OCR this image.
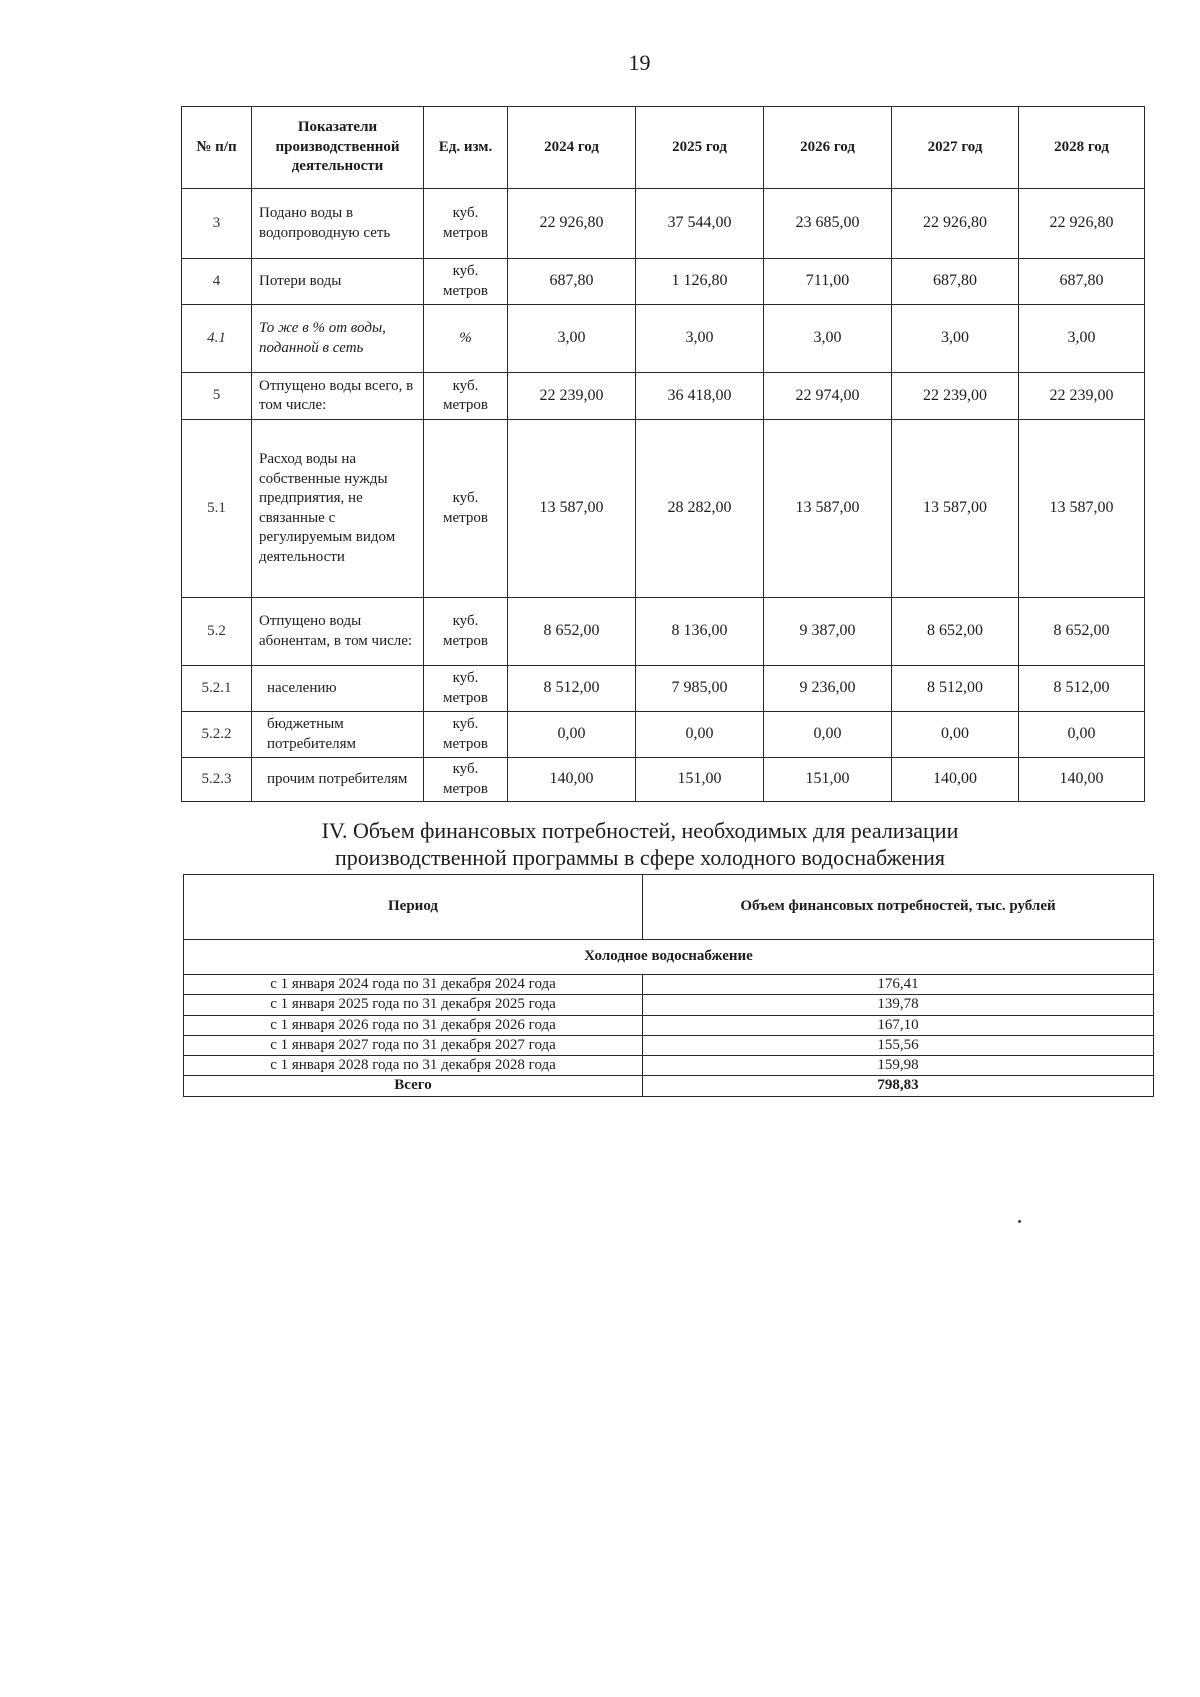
19
№ п/п	Показатели производственной деятельности	Ед. изм.	2024 год	2025 год	2026 год	2027 год	2028 год
3	Подано воды в водопроводную сеть	куб. метров	22 926,80	37 544,00	23 685,00	22 926,80	22 926,80
4	Потери воды	куб. метров	687,80	1 126,80	711,00	687,80	687,80
4.1	То же в % от воды, поданной в сеть	%	3,00	3,00	3,00	3,00	3,00
5	Отпущено воды всего, в том числе:	куб. метров	22 239,00	36 418,00	22 974,00	22 239,00	22 239,00
5.1	Расход воды на собственные нужды предприятия, не связанные с регулируемым видом деятельности	куб. метров	13 587,00	28 282,00	13 587,00	13 587,00	13 587,00
5.2	Отпущено воды абонентам, в том числе:	куб. метров	8 652,00	8 136,00	9 387,00	8 652,00	8 652,00
5.2.1	населению	куб. метров	8 512,00	7 985,00	9 236,00	8 512,00	8 512,00
5.2.2	бюджетным потребителям	куб. метров	0,00	0,00	0,00	0,00	0,00
5.2.3	прочим потребителям	куб. метров	140,00	151,00	151,00	140,00	140,00
IV. Объем финансовых потребностей, необходимых для реализации
производственной программы в сфере холодного водоснабжения
Период	Объем финансовых потребностей, тыс. рублей
Холодное водоснабжение	
с 1 января 2024 года по 31 декабря 2024 года	176,41
с 1 января 2025 года по 31 декабря 2025 года	139,78
с 1 января 2026 года по 31 декабря 2026 года	167,10
с 1 января 2027 года по 31 декабря 2027 года	155,56
с 1 января 2028 года по 31 декабря 2028 года	159,98
Всего	798,83
